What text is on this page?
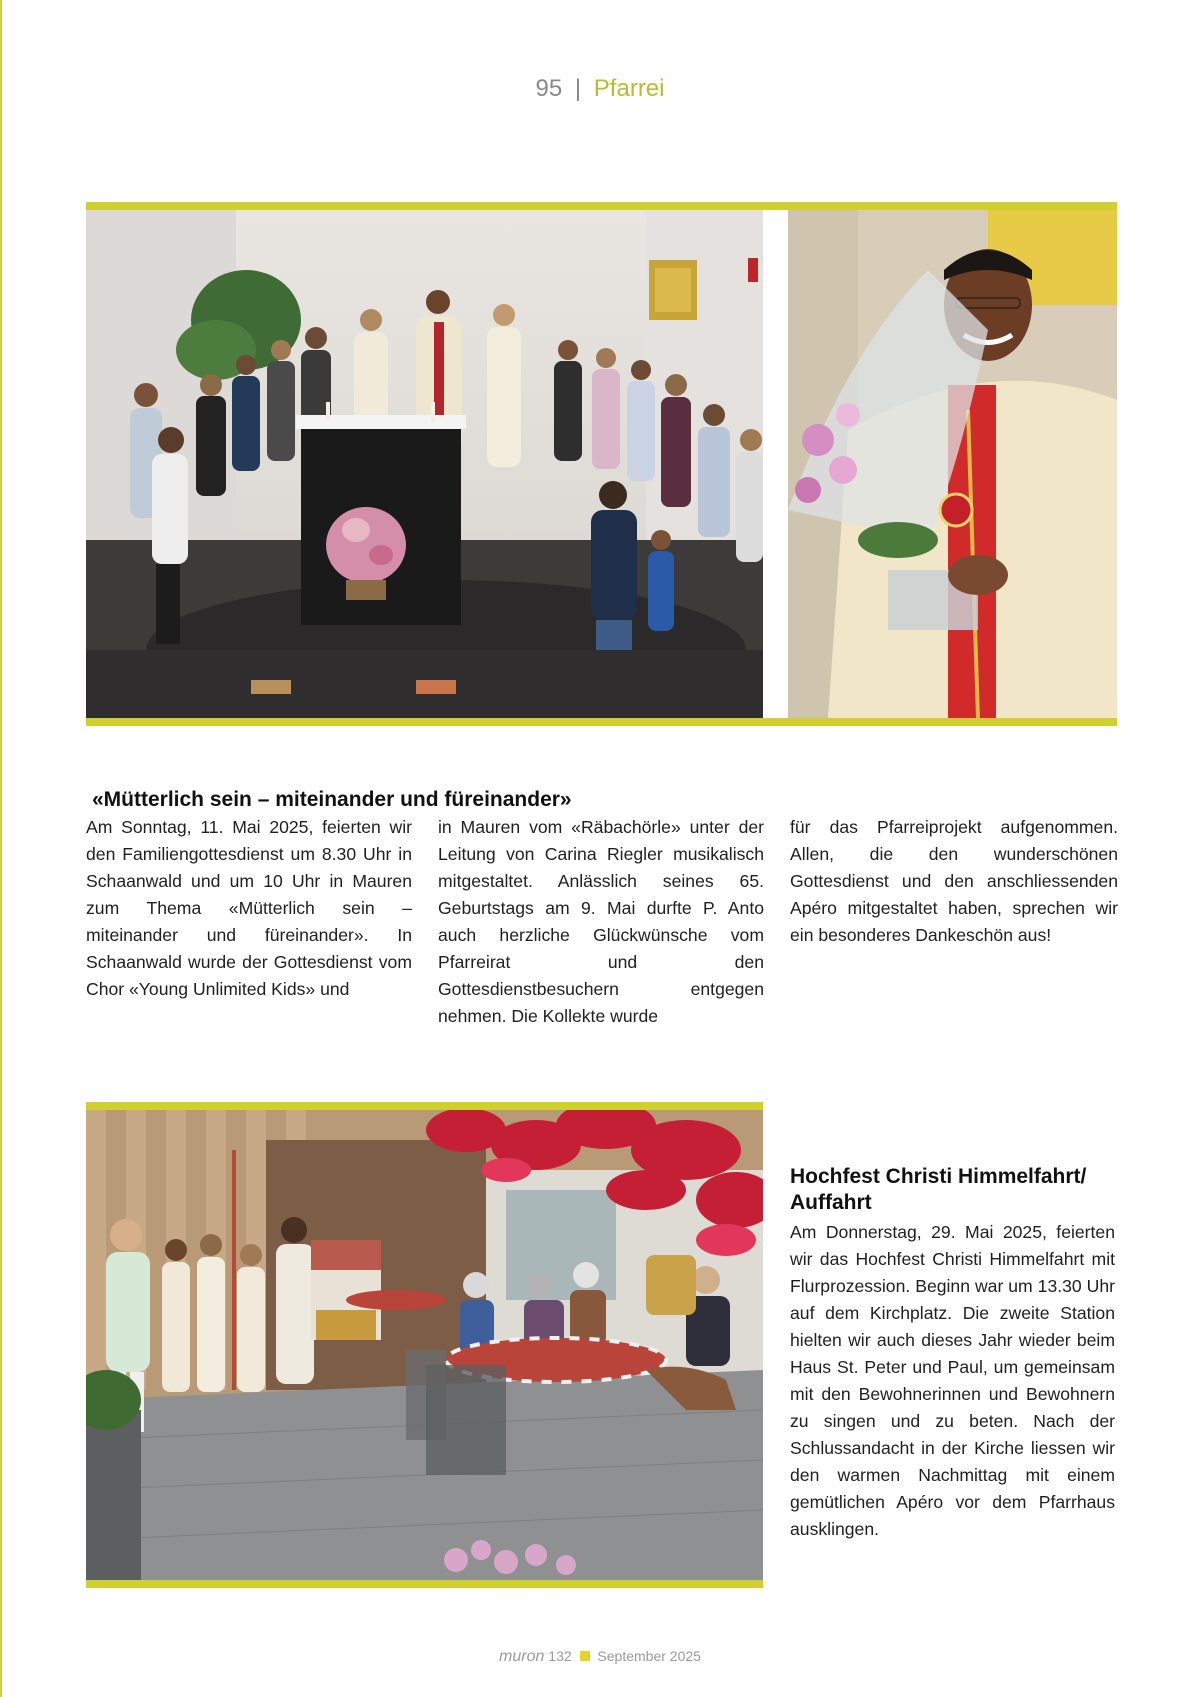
95 | Pfarrei
«Mütterlich sein – miteinander und füreinander»
Am Sonntag, 11. Mai 2025, feierten wir den Familiengottesdienst um 8.30 Uhr in Schaanwald und um 10 Uhr in Mauren zum Thema «Mütterlich sein – miteinander und füreinander». In Schaanwald wurde der Gottesdienst vom Chor «Young Unlimited Kids» und
in Mauren vom «Räbachörle» unter der Leitung von Carina Riegler musikalisch mitgestaltet. Anlässlich seines 65. Geburtstags am 9. Mai durfte P. Anto auch herzliche Glückwünsche vom Pfarreirat und den Gottesdienstbesuchern entgegen nehmen. Die Kollekte wurde
für das Pfarreiprojekt aufgenommen. Allen, die den wunderschönen Gottesdienst und den anschliessenden Apéro mitgestaltet haben, sprechen wir ein besonderes Dankeschön aus!
Hochfest Christi Himmelfahrt/ Auffahrt
Am Donnerstag, 29. Mai 2025, feierten wir das Hochfest Christi Himmelfahrt mit Flurprozession. Beginn war um 13.30 Uhr auf dem Kirchplatz. Die zweite Station hielten wir auch dieses Jahr wieder beim Haus St. Peter und Paul, um gemeinsam mit den Bewohnerinnen und Bewohnern zu singen und zu beten. Nach der Schlussandacht in der Kirche liessen wir den warmen Nachmittag mit einem gemütlichen Apéro vor dem Pfarrhaus ausklingen.
muron 132 September 2025
